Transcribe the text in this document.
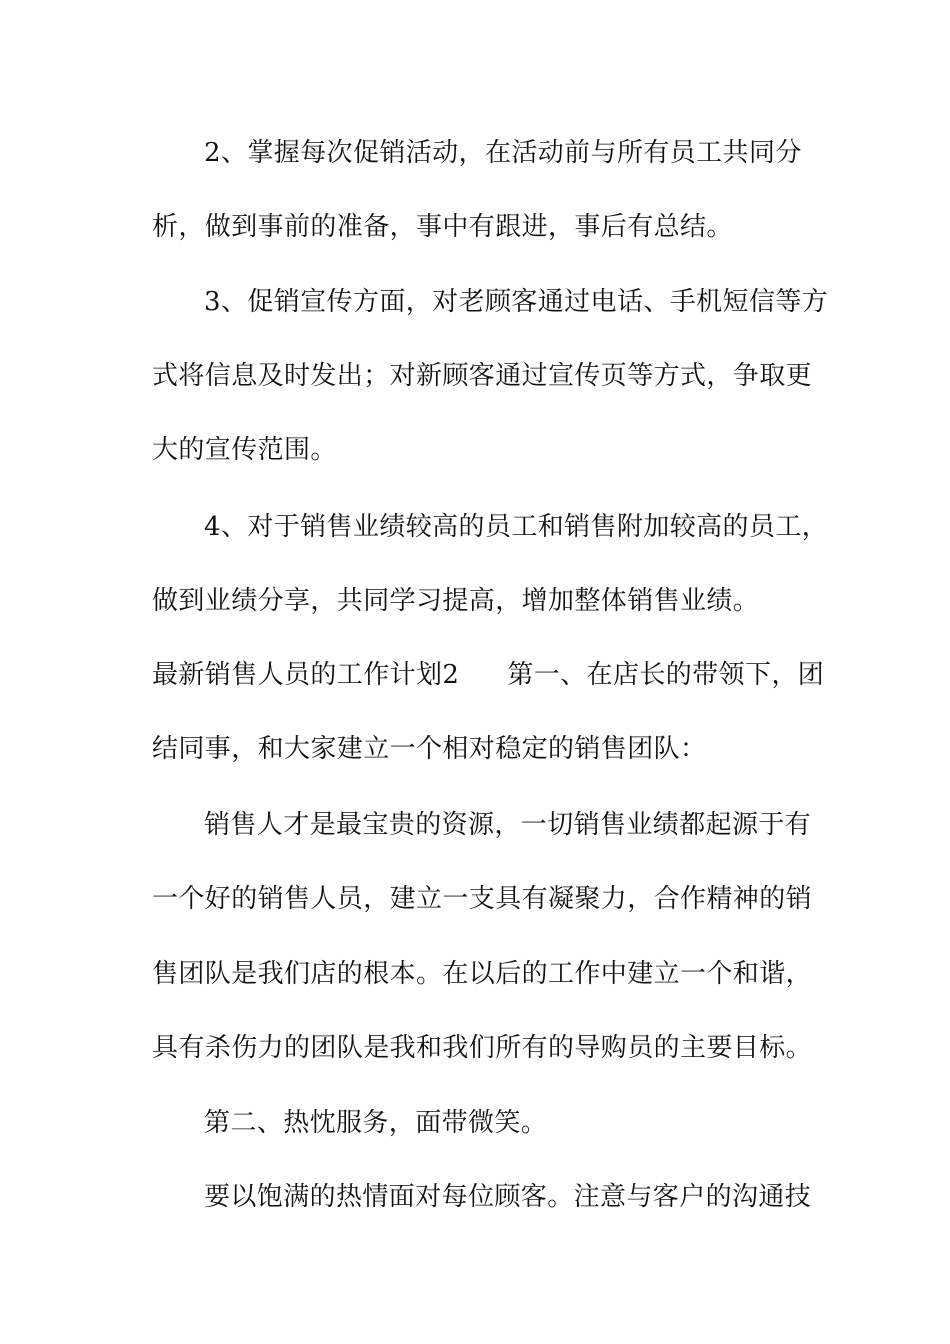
2、掌握每次促销活动，在活动前与所有员工共同分
析，做到事前的准备，事中有跟进，事后有总结。
3、促销宣传方面，对老顾客通过电话、手机短信等方
式将信息及时发出；对新顾客通过宣传页等方式，争取更
大的宣传范围。
4、对于销售业绩较高的员工和销售附加较高的员工，
做到业绩分享，共同学习提高，增加整体销售业绩。
最新销售人员的工作计划2 第一、在店长的带领下，团
结同事，和大家建立一个相对稳定的销售团队：
销售人才是最宝贵的资源，一切销售业绩都起源于有
一个好的销售人员，建立一支具有凝聚力，合作精神的销
售团队是我们店的根本。在以后的工作中建立一个和谐，
具有杀伤力的团队是我和我们所有的导购员的主要目标。
第二、热忱服务，面带微笑。
要以饱满的热情面对每位顾客。注意与客户的沟通技
